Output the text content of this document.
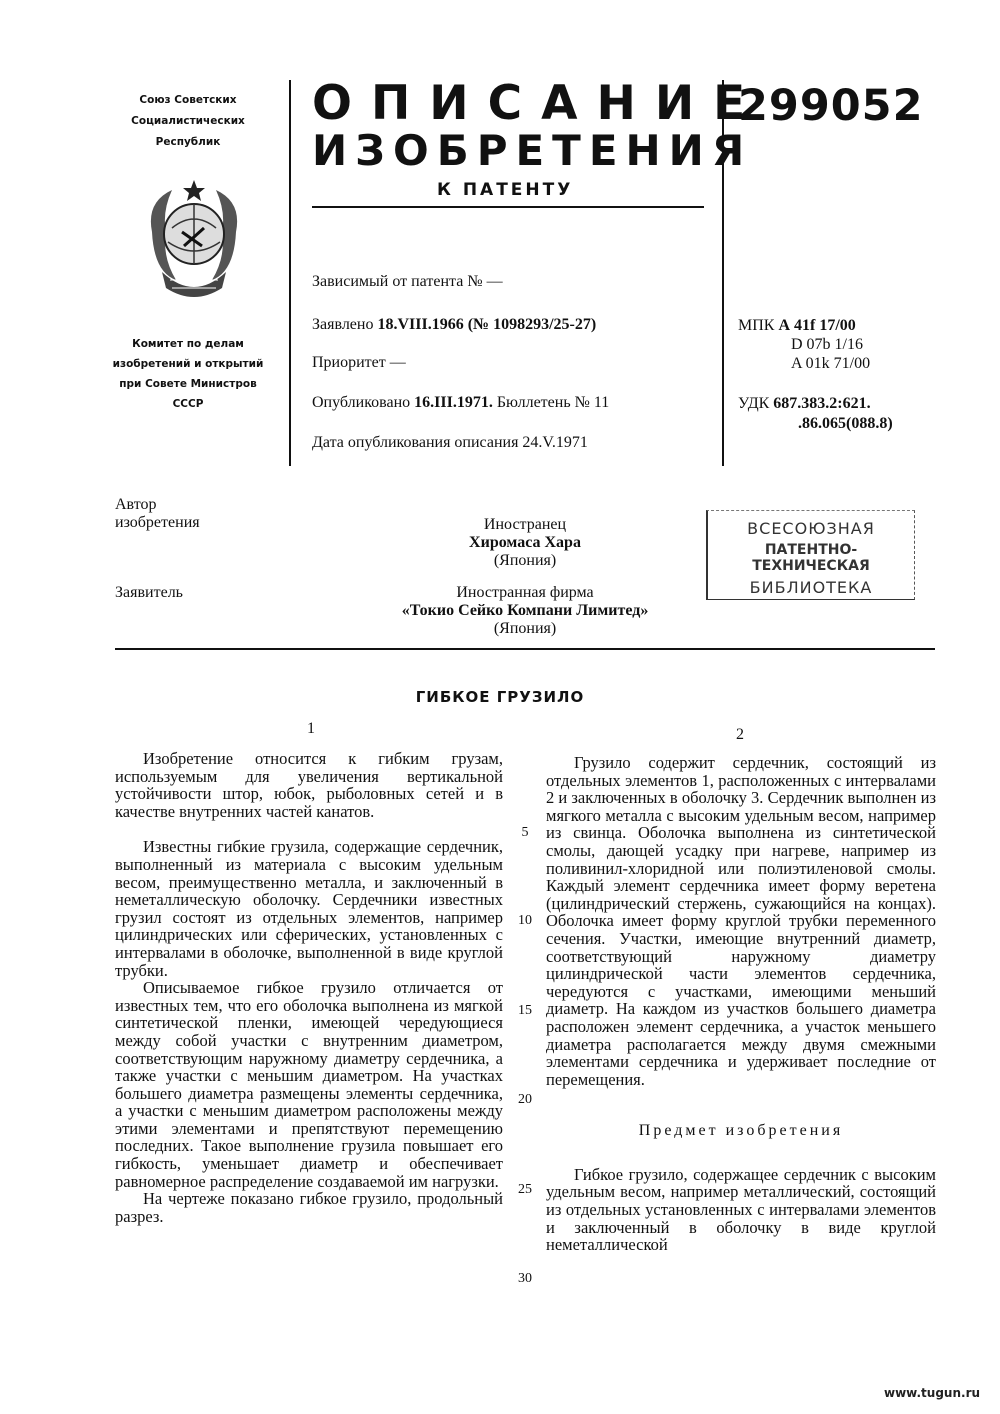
Союз Советских
Социалистических
Республик
Комитет по делам
изобретений и открытий
при Совете Министров
СССР
ОПИСАНИЕ
ИЗОБРЕТЕНИЯ
К ПАТЕНТУ
299052
Зависимый от патента № —
Заявлено 18.VIII.1966 (№ 1098293/25-27)
Приоритет —
Опубликовано 16.III.1971. Бюллетень № 11
Дата опубликования описания 24.V.1971
МПК А 41f 17/00
D 07b 1/16
A 01k 71/00
УДК 687.383.2:621.
.86.065(088.8)
Автор
изобретения	Иностранец
Хиромаса Хара
(Япония)
Заявитель	Иностранная фирма
«Токио Сейко Компани Лимитед»
(Япония)
ВСЕСОЮЗНАЯ
ПАТЕНТНО-ТЕХНИЧЕСКАЯ
БИБЛИОТЕКА
ГИБКОЕ ГРУЗИЛО
1	2

Изобретение относится к гибким грузам, используемым для увеличения вертикальной устойчивости штор, юбок, рыболовных сетей и в качестве внутренних частей канатов.

Известны гибкие грузила, содержащие сердечник, выполненный из материала с высоким удельным весом, преимущественно металла, и заключенный в неметаллическую оболочку. Сердечники известных грузил состоят из отдельных элементов, например цилиндрических или сферических, установленных с интервалами в оболочке, выполненной в виде круглой трубки.

Описываемое гибкое грузило отличается от известных тем, что его оболочка выполнена из мягкой синтетической пленки, имеющей чередующиеся между собой участки с внутренним диаметром, соответствующим наружному диаметру сердечника, а также участки с меньшим диаметром. На участках большего диаметра размещены элементы сердечника, а участки с меньшим диаметром расположены между этими элементами и препятствуют перемещению последних. Такое выполнение грузила повышает его гибкость, уменьшает диаметр и обеспечивает равномерное распределение создаваемой им нагрузки.

На чертеже показано гибкое грузило, продольный разрез.

5
10
15
20
25
30

Грузило содержит сердечник, состоящий из отдельных элементов 1, расположенных с интервалами 2 и заключенных в оболочку 3. Сердечник выполнен из мягкого металла с высоким удельным весом, например из свинца. Оболочка выполнена из синтетической смолы, дающей усадку при нагреве, например из поливинил-хлоридной или полиэтиленовой смолы. Каждый элемент сердечника имеет форму веретена (цилиндрический стержень, сужающийся на концах). Оболочка имеет форму круглой трубки переменного сечения. Участки, имеющие внутренний диаметр, соответствующий наружному диаметру цилиндрической части элементов сердечника, чередуются с участками, имеющими меньший диаметр. На каждом из участков большего диаметра расположен элемент сердечника, а участок меньшего диаметра располагается между двумя смежными элементами сердечника и удерживает последние от перемещения.

Предмет изобретения

Гибкое грузило, содержащее сердечник с высоким удельным весом, например металлический, состоящий из отдельных установленных с интервалами элементов и заключенный в оболочку в виде круглой неметаллической

www.tugun.ru
